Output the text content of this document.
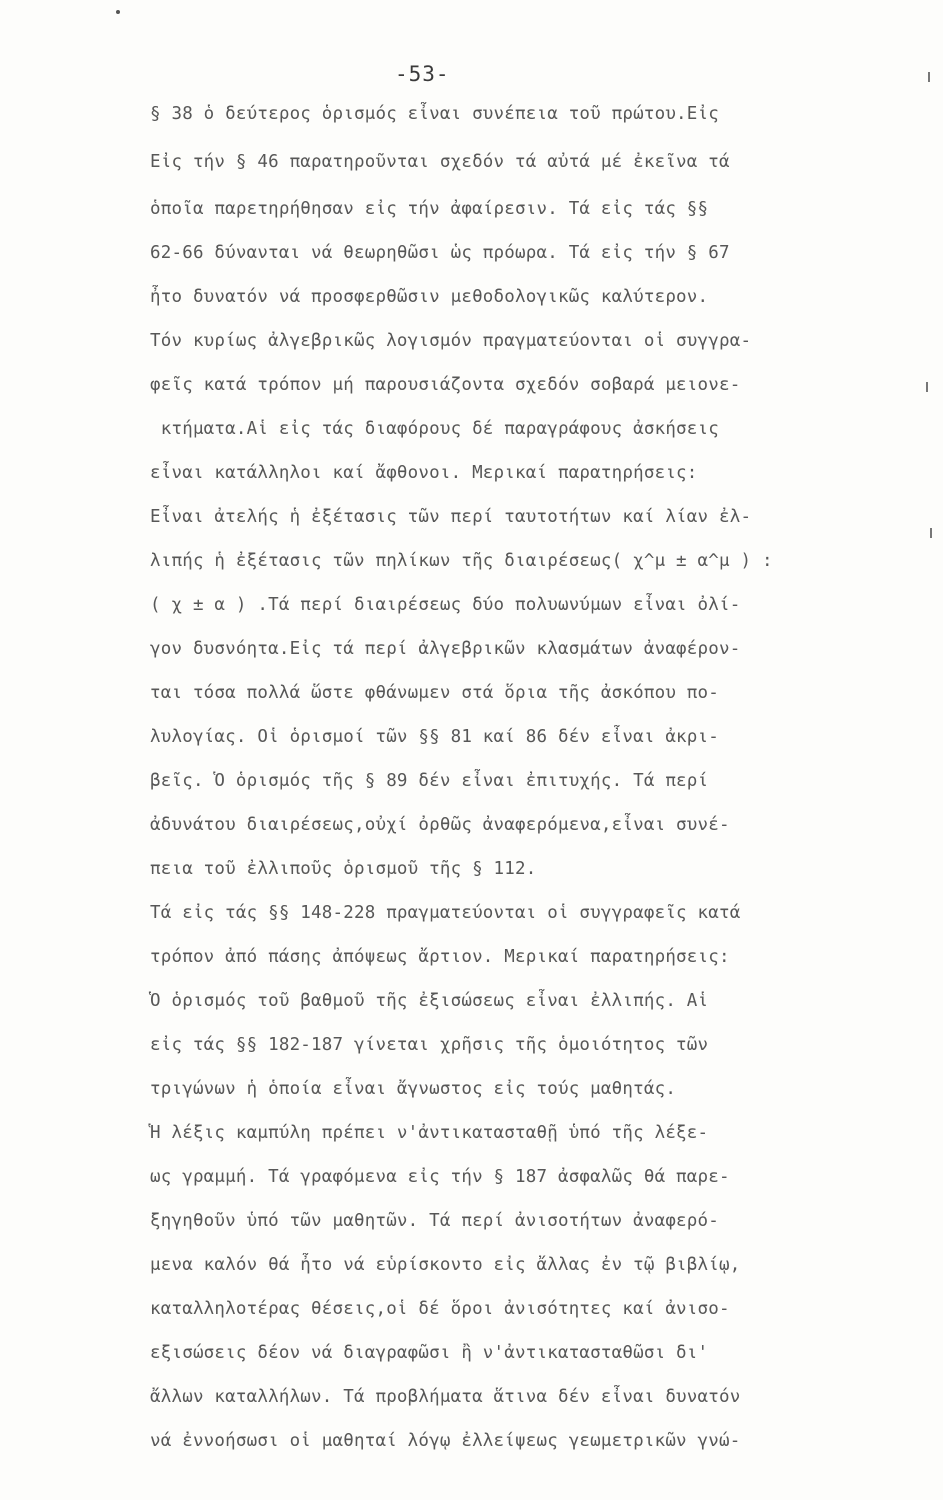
-53-
§ 38 ὁ δεύτερος ὁρισμός εἶναι συνέπεια τοῦ πρώτου.Εἰς
Εἰς τήν § 46 παρατηροῦνται σχεδόν τά αὐτά μέ ἐκεῖνα τά
ὁποῖα παρετηρήθησαν εἰς τήν ἀφαίρεσιν. Τά εἰς τάς §§
62-66 δύνανται νά θεωρηθῶσι ὡς πρόωρα. Τά εἰς τήν § 67
ἦτο δυνατόν νά προσφερθῶσιν μεθοδολογικῶς καλύτερον.
Τόν κυρίως ἀλγεβρικῶς λογισμόν πραγματεύονται οἱ συγγρα-
φεῖς κατά τρόπον μή παρουσιάζοντα σχεδόν σοβαρά μειονε-
κτήματα.Αἱ εἰς τάς διαφόρους δέ παραγράφους ἀσκήσεις
εἶναι κατάλληλοι καί ἄφθονοι. Μερικαί παρατηρήσεις:
Εἶναι ἀτελής ἡ ἐξέτασις τῶν περί ταυτοτήτων καί λίαν ἐλ-
λιπής ἡ ἐξέτασις τῶν πηλίκων τῆς διαιρέσεως( χ^μ ± α^μ ) :
( χ ± α ) .Τά περί διαιρέσεως δύο πολυωνύμων εἶναι ὀλί-
γον δυσνόητα.Εἰς τά περί ἀλγεβρικῶν κλασμάτων ἀναφέρον-
ται τόσα πολλά ὥστε φθάνωμεν στά ὅρια τῆς ἀσκόπου πο-
λυλογίας. Οἱ ὁρισμοί τῶν §§ 81 καί 86 δέν εἶναι ἀκρι-
βεῖς. Ὁ ὁρισμός τῆς § 89 δέν εἶναι ἐπιτυχής. Τά περί
ἀδυνάτου διαιρέσεως,οὐχί ὀρθῶς ἀναφερόμενα,εἶναι συνέ-
πεια τοῦ ἐλλιποῦς ὁρισμοῦ τῆς § 112.
Τά εἰς τάς §§ 148-228 πραγματεύονται οἱ συγγραφεῖς κατά
τρόπον ἀπό πάσης ἀπόψεως ἄρτιον. Μερικαί παρατηρήσεις:
Ὁ ὁρισμός τοῦ βαθμοῦ τῆς ἐξισώσεως εἶναι ἐλλιπής. Αἱ
εἰς τάς §§ 182-187 γίνεται χρῆσις τῆς ὁμοιότητος τῶν
τριγώνων ἡ ὁποία εἶναι ἄγνωστος εἰς τούς μαθητάς.
Ἡ λέξις καμπύλη πρέπει ν'ἀντικατασταθῇ ὑπό τῆς λέξε-
ως γραμμή. Τά γραφόμενα εἰς τήν § 187 ἀσφαλῶς θά παρε-
ξηγηθοῦν ὑπό τῶν μαθητῶν. Τά περί ἀνισοτήτων ἀναφερό-
μενα καλόν θά ἦτο νά εὑρίσκοντο εἰς ἄλλας ἐν τῷ βιβλίῳ,
καταλληλοτέρας θέσεις,οἱ δέ ὅροι ἀνισότητες καί ἀνισο-
εξισώσεις δέον νά διαγραφῶσι ἢ ν'ἀντικατασταθῶσι δι'
ἄλλων καταλλήλων. Τά προβλήματα ἅτινα δέν εἶναι δυνατόν
νά ἐννοήσωσι οἱ μαθηταί λόγῳ ἐλλείψεως γεωμετρικῶν γνώ-
